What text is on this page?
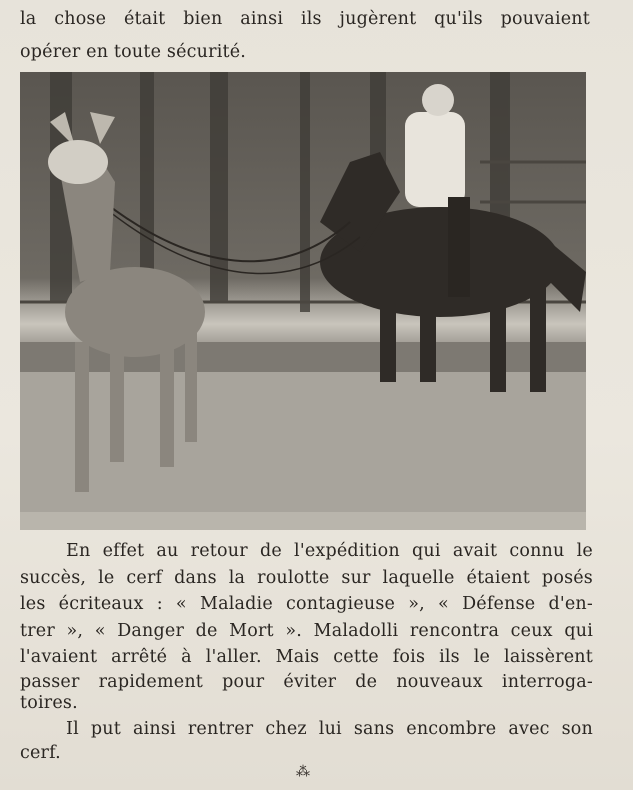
la chose était bien ainsi ils jugèrent qu'ils pouvaient
opérer en toute sécurité.
En effet au retour de l'expédition qui avait connu le
succès, le cerf dans la roulotte sur laquelle étaient posés
les écriteaux : « Maladie contagieuse », « Défense d'en-
trer », « Danger de Mort ». Maladolli rencontra ceux qui
l'avaient arrêté à l'aller. Mais cette fois ils le laissèrent
passer rapidement pour éviter de nouveaux interroga-
toires.
Il put ainsi rentrer chez lui sans encombre avec son
cerf.
⁂
